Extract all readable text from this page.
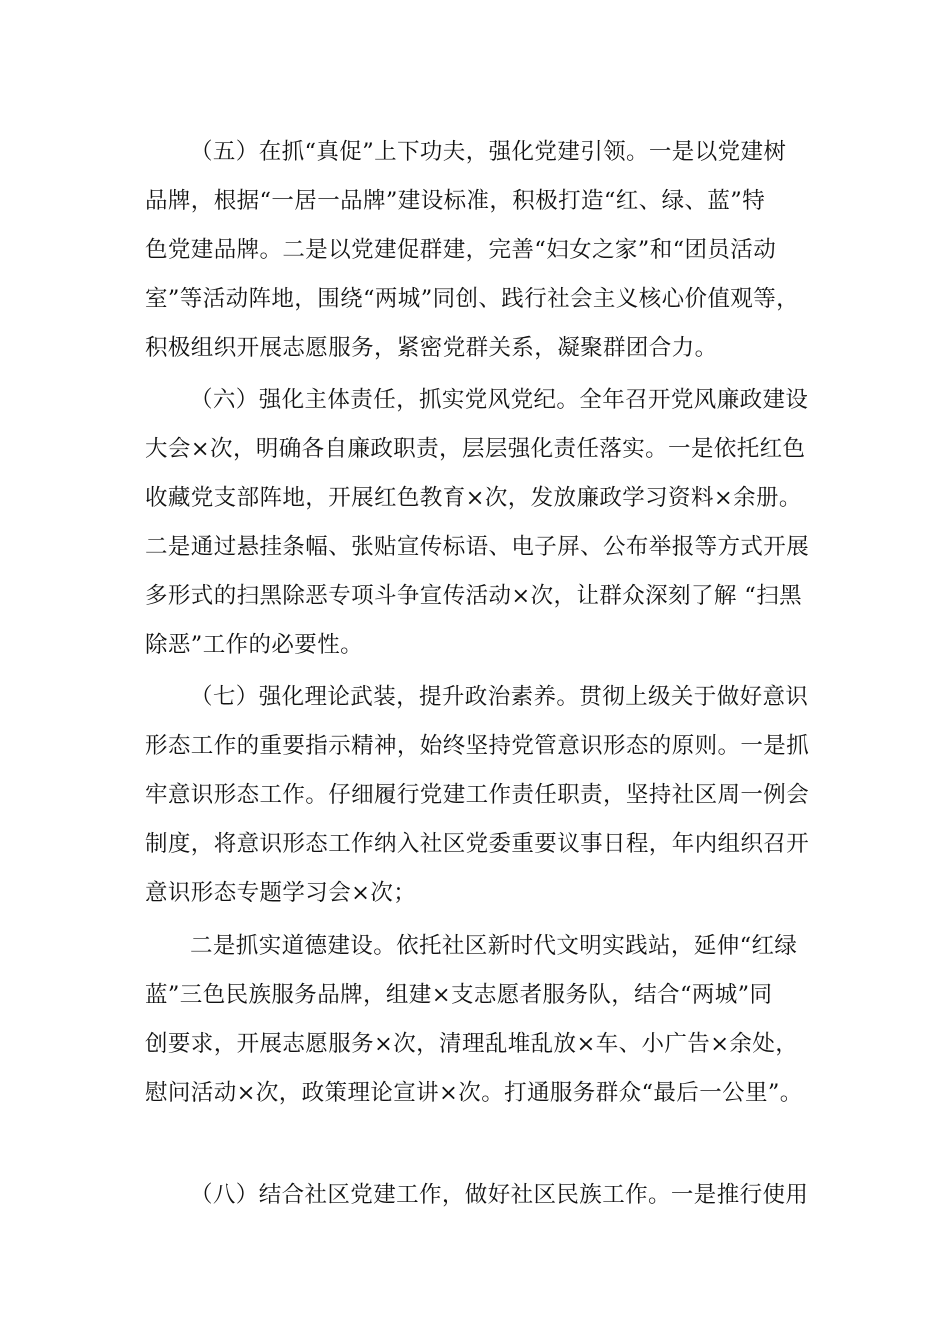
（五）在抓“真促”上下功夫，强化党建引领。一是以党建树
品牌，根据“一居一品牌”建设标准，积极打造“红、绿、蓝”特
色党建品牌。二是以党建促群建，完善“妇女之家”和“团员活动
室”等活动阵地，围绕“两城”同创、践行社会主义核心价值观等，
积极组织开展志愿服务，紧密党群关系，凝聚群团合力。
（六）强化主体责任，抓实党风党纪。全年召开党风廉政建设
大会×次，明确各自廉政职责，层层强化责任落实。一是依托红色
收藏党支部阵地，开展红色教育×次，发放廉政学习资料×余册。
二是通过悬挂条幅、张贴宣传标语、电子屏、公布举报等方式开展
多形式的扫黑除恶专项斗争宣传活动×次，让群众深刻了解 “扫黑
除恶”工作的必要性。
（七）强化理论武装，提升政治素养。贯彻上级关于做好意识
形态工作的重要指示精神，始终坚持党管意识形态的原则。一是抓
牢意识形态工作。仔细履行党建工作责任职责，坚持社区周一例会
制度，将意识形态工作纳入社区党委重要议事日程，年内组织召开
意识形态专题学习会×次；
二是抓实道德建设。依托社区新时代文明实践站，延伸“红绿
蓝”三色民族服务品牌，组建×支志愿者服务队，结合“两城”同
创要求，开展志愿服务×次，清理乱堆乱放×车、小广告×余处，
慰问活动×次，政策理论宣讲×次。打通服务群众“最后一公里”。
（八）结合社区党建工作，做好社区民族工作。一是推行使用
